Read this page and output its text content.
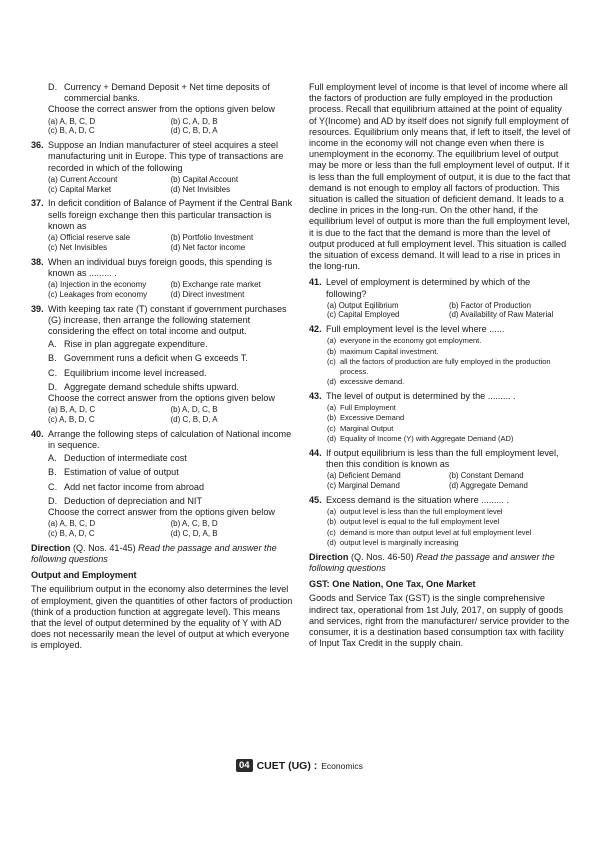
D. Currency + Demand Deposit + Net time deposits of commercial banks.

Choose the correct answer from the options given below

(a) A, B, C, D	(b) C, A, D, B
(c) B, A, D, C	(d) C, B, D, A
36. Suppose an Indian manufacturer of steel acquires a steel manufacturing unit in Europe. This type of transactions are recorded in which of the following
(a) Current Account	(b) Capital Account
(c) Capital Market	(d) Net Invisibles
37. In deficit condition of Balance of Payment if the Central Bank sells foreign exchange then this particular transaction is known as
(a) Official reserve sale	(b) Portfolio Investment
(c) Net Invisibles	(d) Net factor income
38. When an individual buys foreign goods, this spending is known as ......... .
(a) Injection in the economy	(b) Exchange rate market
(c) Leakages from economy	(d) Direct investment
39. With keeping tax rate (T) constant if government purchases (G) increase, then arrange the following statement considering the effect on total income and output.
A. Rise in plan aggregate expenditure.
B. Government runs a deficit when G exceeds T.
C. Equilibrium income level increased.
D. Aggregate demand schedule shifts upward.

Choose the correct answer from the options given below

(a) B, A, D, C	(b) A, D, C, B
(c) A, B, D, C	(d) C, B, D, A
40. Arrange the following steps of calculation of National income in sequence.
A. Deduction of intermediate cost
B. Estimation of value of output
C. Add net factor income from abroad
D. Deduction of depreciation and NIT

Choose the correct answer from the options given below

(a) A, B, C, D	(b) A, C, B, D
(c) B, A, D, C	(d) C, D, A, B

Direction (Q. Nos. 41-45) Read the passage and answer the following questions

Output and Employment

The equilibrium output in the economy also determines the level of employment, given the quantities of other factors of production (think of a production function at aggregate level). This means that the level of output determined by the equality of Y with AD does not necessarily mean the level of output at which everyone is employed.

Full employment level of income is that level of income where all the factors of production are fully employed in the production process. Recall that equilibrium attained at the point of equality of Y(Income) and AD by itself does not signify full employment of resources. Equilibrium only means that, if left to itself, the level of income in the economy will not change even when there is unemployment in the economy. The equilibrium level of output may be more or less than the full employment level of output. If it is less than the full employment of output, it is due to the fact that demand is not enough to employ all factors of production. This situation is called the situation of deficient demand. It leads to a decline in prices in the long-run. On the other hand, if the equilibrium level of output is more than the full employment level, it is due to the fact that the demand is more than the level of output produced at full employment level. This situation is called the situation of excess demand. It will lead to a rise in prices in the long-run.

41. Level of employment is determined by which of the following?
(a) Output Eqilibrium	(b) Factor of Production
(c) Capital Employed	(d) Availability of Raw Material
42. Full employment level is the level where ......
(a) everyone in the economy got employment.
(b) maximum Capital investment.
(c) all the factors of production are fully employed in the production process.
(d) excessive demand.
43. The level of output is determined by the ......... .
(a) Full Employment
(b) Excessive Demand
(c) Marginal Output
(d) Equality of Income (Y) with Aggregate Demand (AD)
44. If output equilibrium is less than the full employment level, then this condition is known as
(a) Deficient Demand	(b) Constant Demand
(c) Marginal Demand	(d) Aggregate Demand
45. Excess demand is the situation where ......... .
(a) output level is less than the full employment level
(b) output level is equal to the full employment level
(c) demand is more than output level at full employment level
(d) output level is marginally increasing

Direction (Q. Nos. 46-50) Read the passage and answer the following questions

GST: One Nation, One Tax, One Market

Goods and Service Tax (GST) is the single comprehensive indirect tax, operational from 1st July, 2017, on supply of goods and services, right from the manufacturer/ service provider to the consumer, it is a destination based consumption tax with facility of Input Tax Credit in the supply chain.

04 CUET (UG) : Economics
